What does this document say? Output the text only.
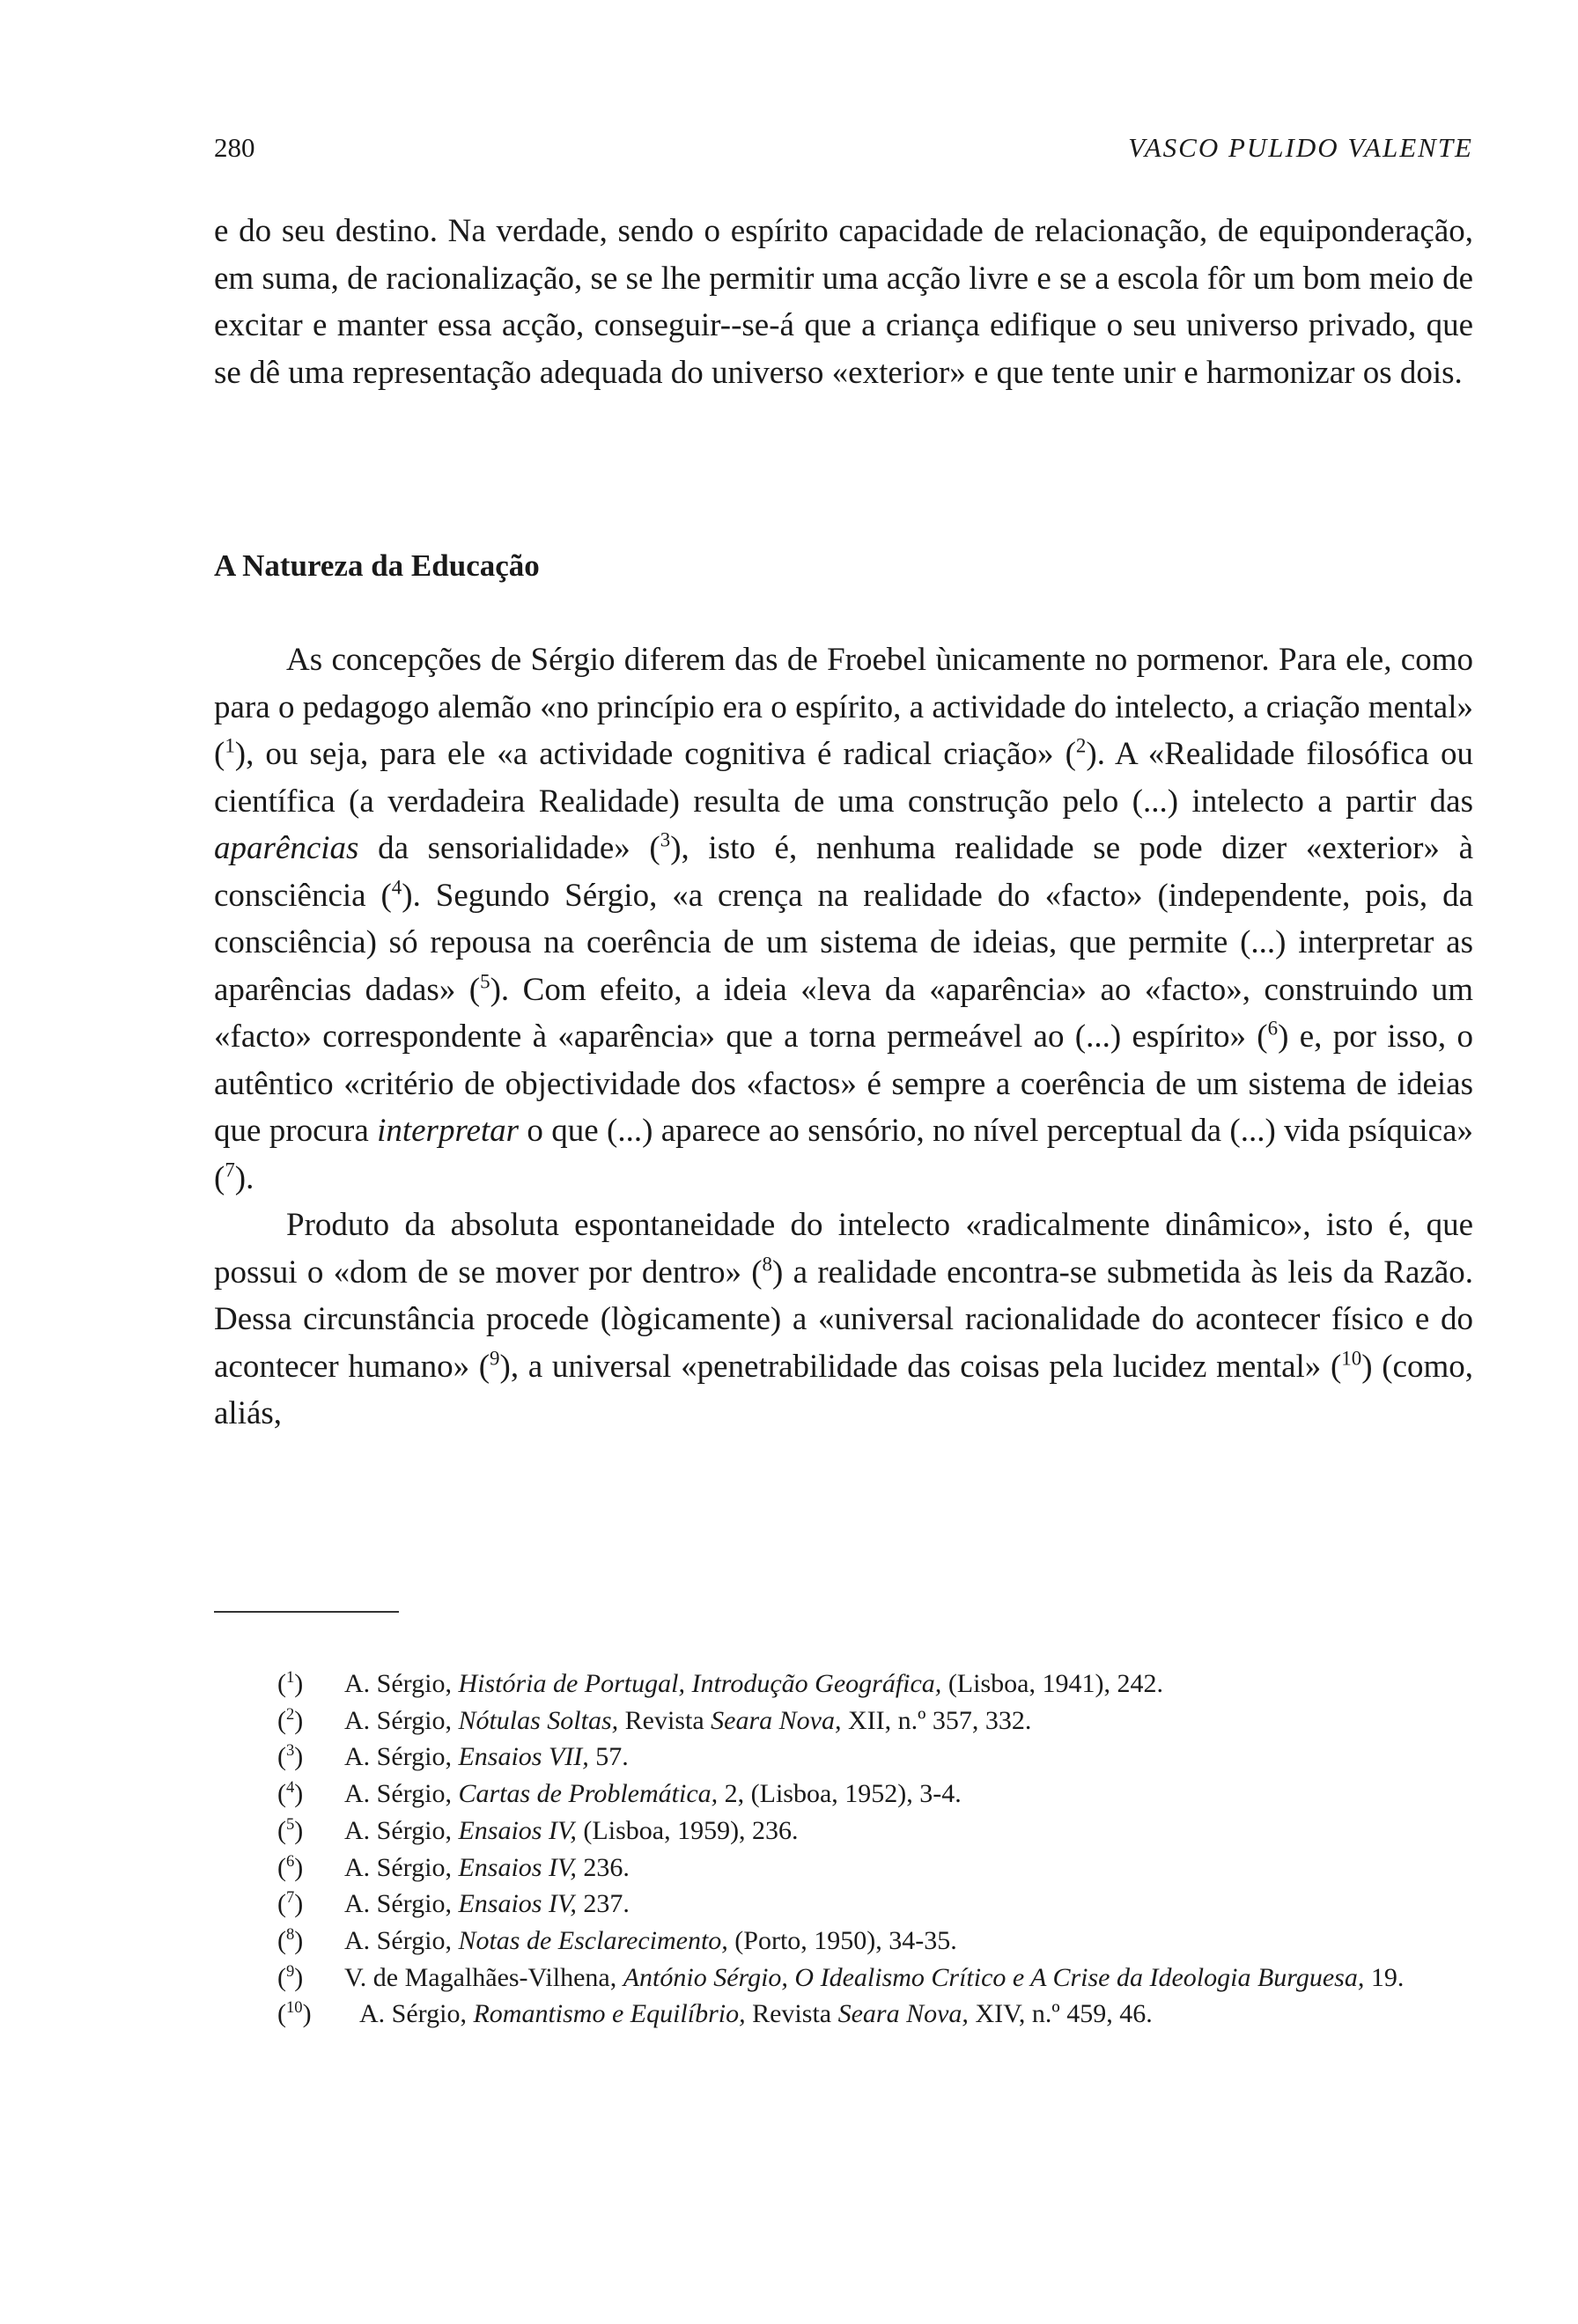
280	VASCO PULIDO VALENTE

e do seu destino. Na verdade, sendo o espírito capacidade de relacionação, de equiponderação, em suma, de racionalização, se se lhe permitir uma acção livre e se a escola fôr um bom meio de excitar e manter essa acção, conseguir--se-á que a criança edifique o seu universo privado, que se dê uma representação adequada do universo «exterior» e que tente unir e harmonizar os dois.

A Natureza da Educação

As concepções de Sérgio diferem das de Froebel ùnicamente no pormenor. Para ele, como para o pedagogo alemão «no princípio era o espírito, a actividade do intelecto, a criação mental» ($^1$), ou seja, para ele «a actividade cognitiva é radical criação» ($^2$). A «Realidade filosófica ou científica (a verdadeira Realidade) resulta de uma construção pelo (...) intelecto a partir das aparências da sensorialidade» ($^3$), isto é, nenhuma realidade se pode dizer «exterior» à consciência ($^4$). Segundo Sérgio, «a crença na realidade do «facto» (independente, pois, da consciência) só repousa na coerência de um sistema de ideias, que permite (...) interpretar as aparências dadas» ($^5$). Com efeito, a ideia «leva da «aparência» ao «facto», construindo um «facto» correspondente à «aparência» que a torna permeável ao (...) espírito» ($^6$) e, por isso, o autêntico «critério de objectividade dos «factos» é sempre a coerência de um sistema de ideias que procura interpretar o que (...) aparece ao sensório, no nível perceptual da (...) vida psíquica» ($^7$).

Produto da absoluta espontaneidade do intelecto «radicalmente dinâmico», isto é, que possui o «dom de se mover por dentro» ($^8$) a realidade encontra-se submetida às leis da Razão. Dessa circunstância procede (lògicamente) a «universal racionalidade do acontecer físico e do acontecer humano» ($^9$), a universal «penetrabilidade das coisas pela lucidez mental» ($^{10}$) (como, aliás,

($^1$) A. Sérgio, História de Portugal, Introdução Geográfica, (Lisboa, 1941), 242.

($^2$) A. Sérgio, Nótulas Soltas, Revista Seara Nova, XII, n.º 357, 332.

($^3$) A. Sérgio, Ensaios VII, 57.

($^4$) A. Sérgio, Cartas de Problemática, 2, (Lisboa, 1952), 3-4.

($^5$) A. Sérgio, Ensaios IV, (Lisboa, 1959), 236.

($^6$) A. Sérgio, Ensaios IV, 236.

($^7$) A. Sérgio, Ensaios IV, 237.

($^8$) A. Sérgio, Notas de Esclarecimento, (Porto, 1950), 34-35.

($^9$) V. de Magalhães-Vilhena, António Sérgio, O Idealismo Crítico e A Crise da Ideologia Burguesa, 19.

($^{10}$) A. Sérgio, Romantismo e Equilíbrio, Revista Seara Nova, XIV, n.º 459, 46.
